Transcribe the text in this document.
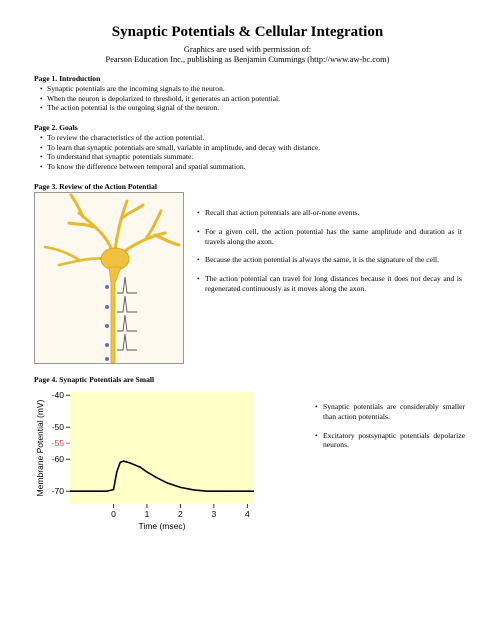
Synaptic Potentials & Cellular Integration
Graphics are used with permission of:
Pearson Education Inc., publishing as Benjamin Cummings (http://www.aw-bc.com)
Page 1. Introduction
• Synaptic potentials are the incoming signals to the neuron.
• When the neuron is depolarized to threshold, it generates an action potential.
• The action potential is the outgoing signal of the neuron.
Page 2. Goals
• To review the characteristics of the action potential.
• To learn that synaptic potentials are small, variable in amplitude, and decay with distance.
• To understand that synaptic potentials summate.
• To know the difference between temporal and spatial summation.
Page 3. Review of the Action Potential
• Recall that action potentials are all-or-none events.
• For a given cell, the action potential has the same amplitude and duration as it travels along the axon.
• Because the action potential is always the same, it is the signature of the cell.
• The action potential can travel for long distances because it does not decay and is regenerated continuously as it moves along the axon.
Page 4. Synaptic Potentials are Small
-40
-50
-55
-60
-70
0	1	2	3	4
Membrane Potential (mV)
Time (msec)
• Synaptic potentials are considerably smaller than action potentials.
• Excitatory postsynaptic potentials depolarize neurons.
